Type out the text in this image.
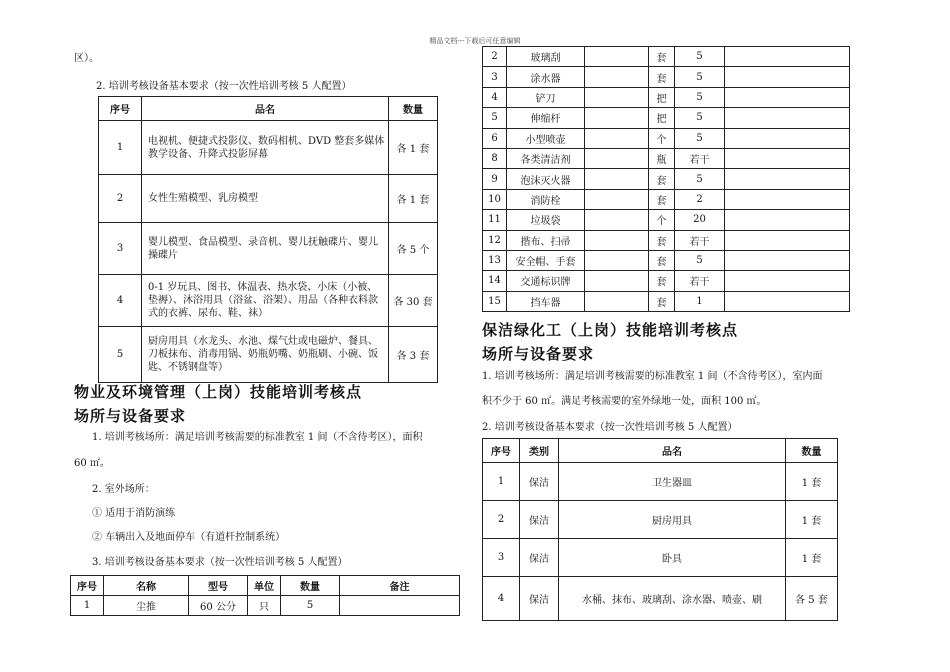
精品文档---下载后可任意编辑
区）。
2. 培训考核设备基本要求（按一次性培训考核 5 人配置）
序号	品名	数量
1	电视机、便捷式投影仪、数码相机、DVD 整套多媒体教学设备、升降式投影屏幕	各 1 套
2	女性生殖模型、乳房模型	各 1 套
3	婴儿模型、食品模型、录音机、婴儿抚触碟片、婴儿操碟片	各 5 个
4	0-1 岁玩具、图书、体温表、热水袋、小床（小被、垫褥）、沐浴用具（浴盆、浴架）、用品（各种衣料款式的衣裤、尿布、鞋、袜）	各 30 套
5	厨房用具（水龙头、水池、煤气灶或电磁炉、餐具、刀板抹布、消毒用锅、奶瓶奶嘴、奶瓶刷、小碗、饭匙、不锈钢盘等）	各 3 套
物业及环境管理（上岗）技能培训考核点
场所与设备要求
1. 培训考核场所：满足培训考核需要的标准教室 1 间（不含待考区），面积
60 ㎡。
2. 室外场所：
① 适用于消防演练
② 车辆出入及地面停车（有道杆控制系统）
3. 培训考核设备基本要求（按一次性培训考核 5 人配置）
序号	名称	型号	单位	数量	备注
1	尘推	60 公分	只	5	
2	玻璃刮		套	5	
3	涂水器		套	5	
4	铲刀		把	5	
5	伸缩杆		把	5	
6	小型喷壶		个	5	
8	各类清洁剂		瓶	若干	
9	泡沫灭火器		套	5	
10	消防栓		套	2	
11	垃圾袋		个	20	
12	揩布、扫帚		套	若干	
13	安全帽、手套		套	5	
14	交通标识牌		套	若干	
15	挡车器		套	1	
保洁绿化工（上岗）技能培训考核点
场所与设备要求
1. 培训考核场所：满足培训考核需要的标准教室 1 间（不含待考区），室内面
积不少于 60 ㎡。满足考核需要的室外绿地一处，面积 100 ㎡。
2. 培训考核设备基本要求（按一次性培训考核 5 人配置）
序号	类别	品名	数量
1	保洁	卫生器皿	1 套
2	保洁	厨房用具	1 套
3	保洁	卧具	1 套
4	保洁	水桶、抹布、玻璃刮、涂水器、喷壶、刷	各 5 套
